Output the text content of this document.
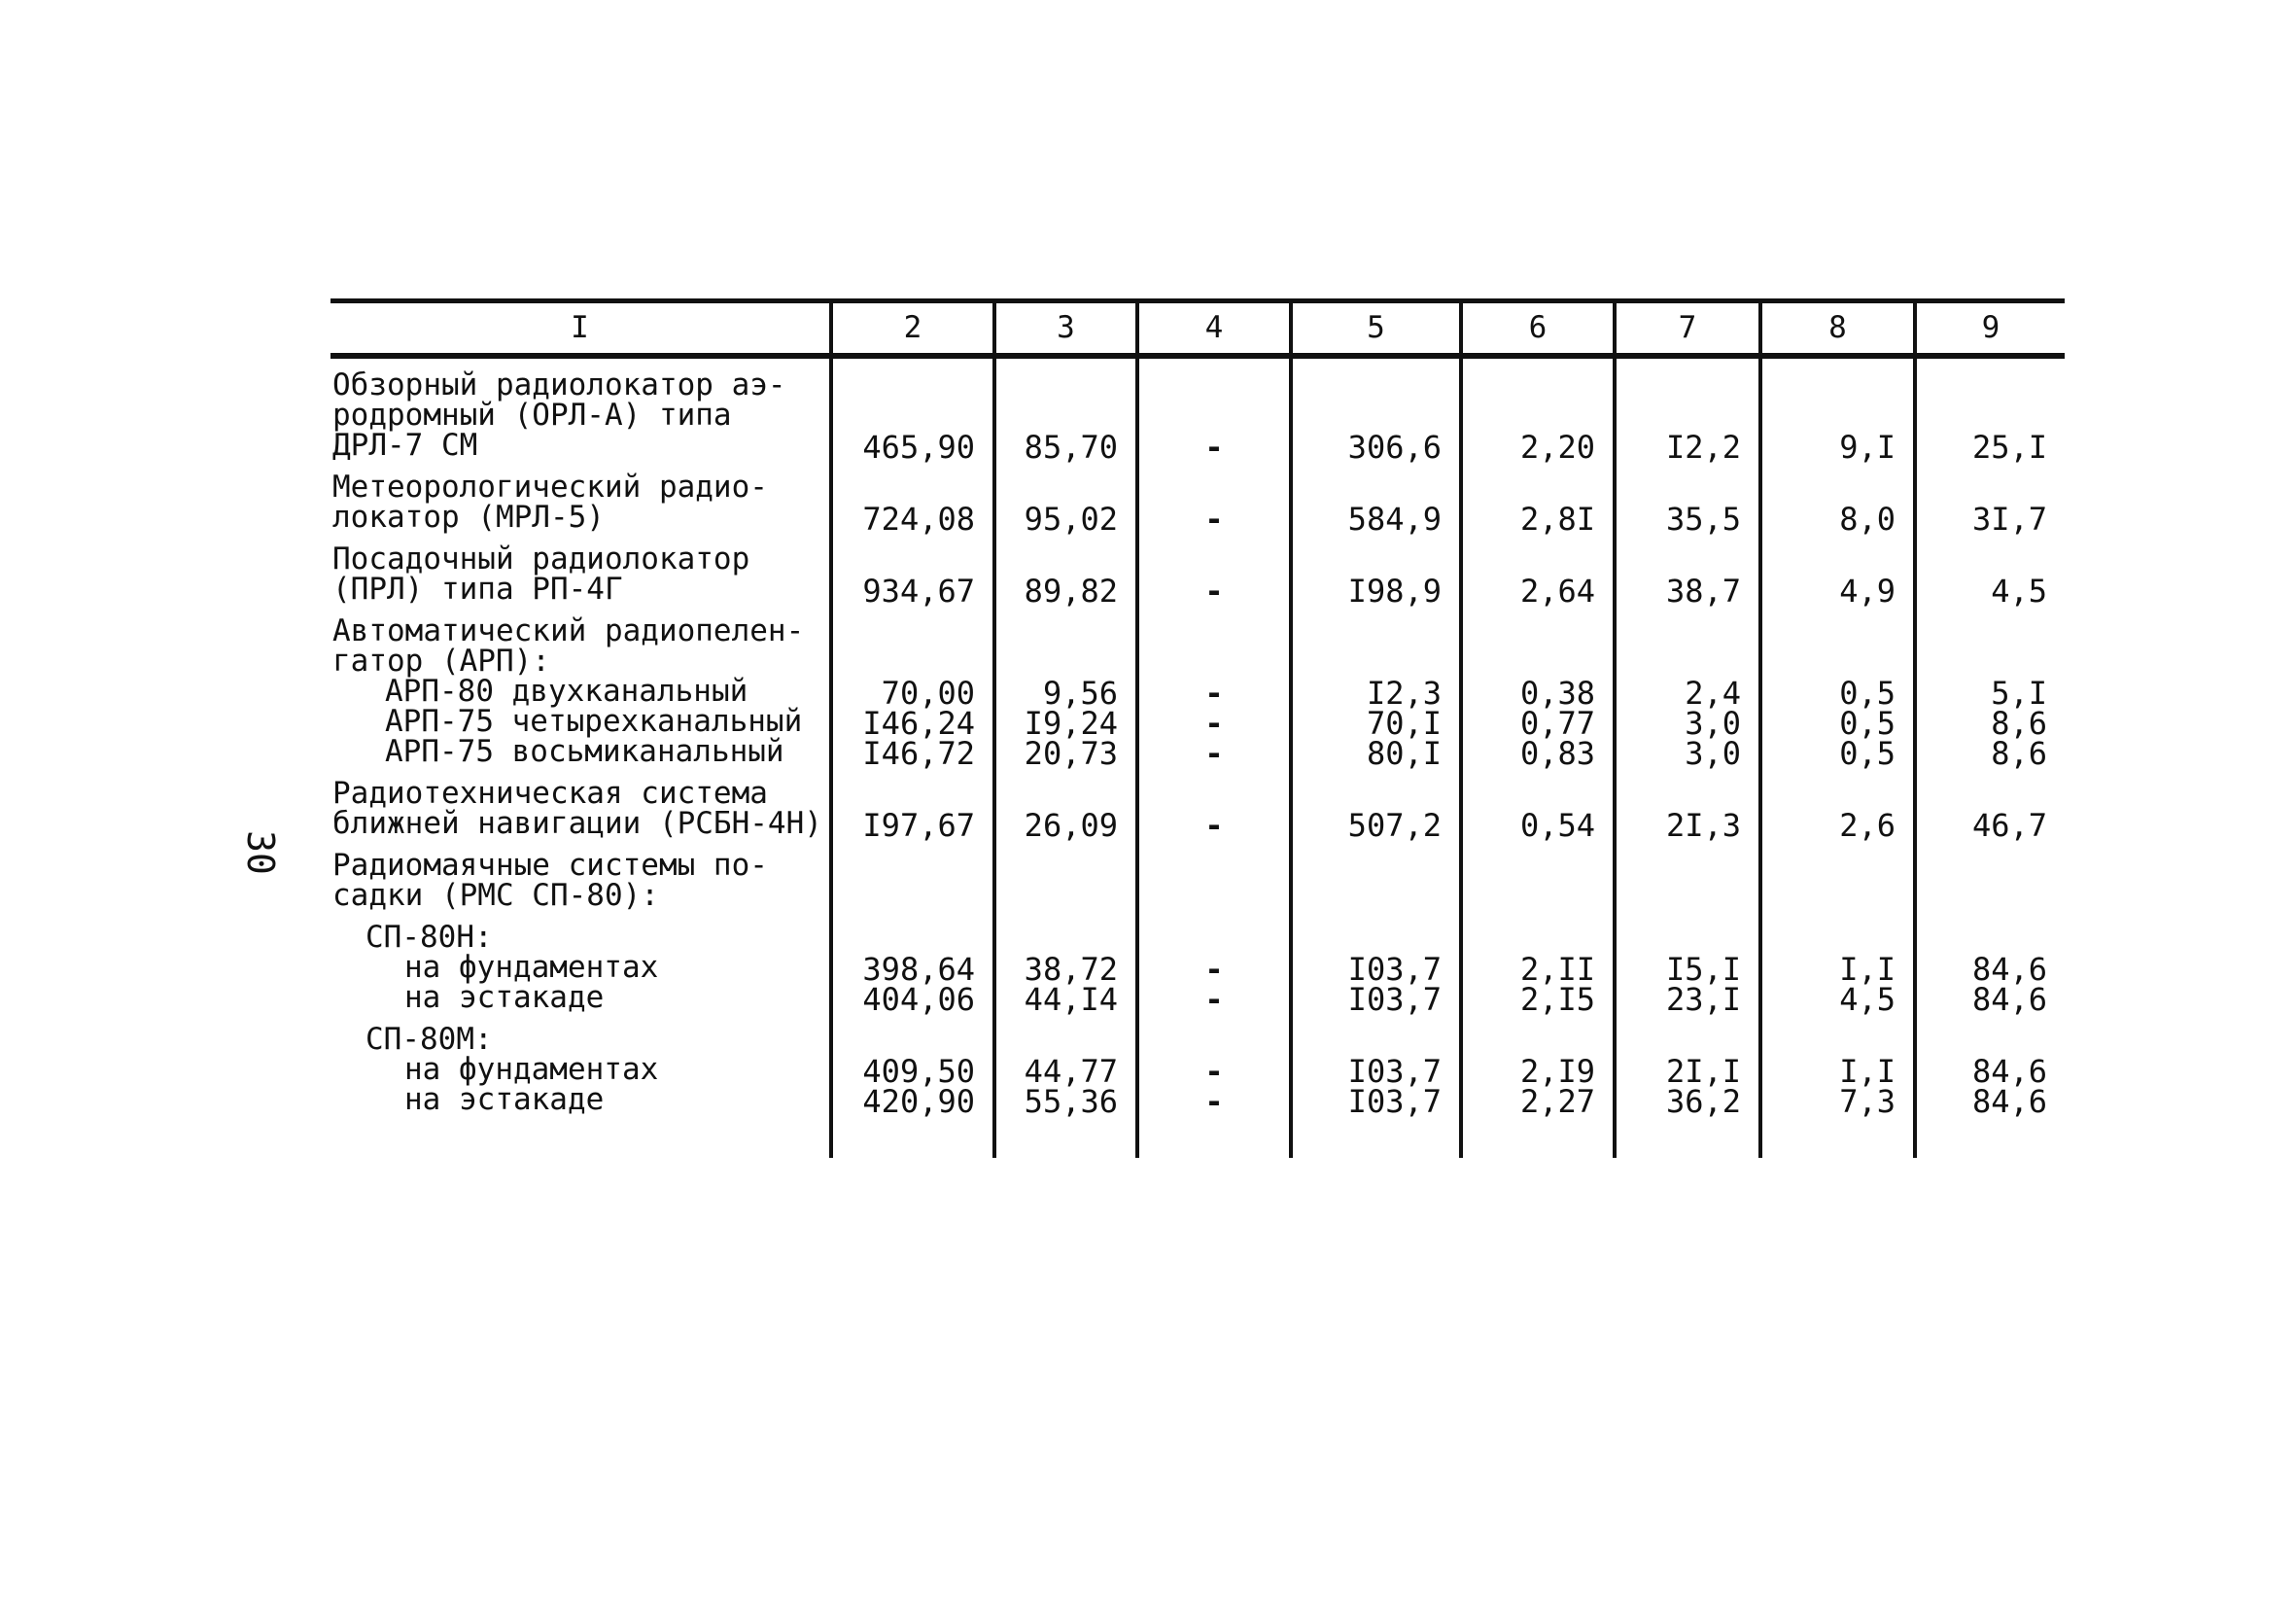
30
I	2	3	4	5	6	7	8	9
Обзорный радиолокатор аэ-родромный (ОРЛ-А) типа ДРЛ-7 СМ	465,90	85,70	-	306,6	2,20	I2,2	9,I	25,I
Метеорологический радио-локатор (МРЛ-5)	724,08	95,02	-	584,9	2,8I	35,5	8,0	3I,7
Посадочный радиолокатор (ПРЛ) типа РП-4Г	934,67	89,82	-	I98,9	2,64	38,7	4,9	4,5
Автоматический радиопелен-гатор (АРП):								
АРП-80 двухканальный	70,00	9,56	-	I2,3	0,38	2,4	0,5	5,I
АРП-75 четырехканальный	I46,24	I9,24	-	70,I	0,77	3,0	0,5	8,6
АРП-75 восьмиканальный	I46,72	20,73	-	80,I	0,83	3,0	0,5	8,6
Радиотехническая система ближней навигации (РСБН-4Н)	I97,67	26,09	-	507,2	0,54	2I,3	2,6	46,7
Радиомаячные системы по-садки (РМС СП-80):								
СП-80Н:								
на фундаментах	398,64	38,72	-	I03,7	2,II	I5,I	I,I	84,6
на эстакаде	404,06	44,I4	-	I03,7	2,I5	23,I	4,5	84,6
СП-80М:								
на фундаментах	409,50	44,77	-	I03,7	2,I9	2I,I	I,I	84,6
на эстакаде	420,90	55,36	-	I03,7	2,27	36,2	7,3	84,6
